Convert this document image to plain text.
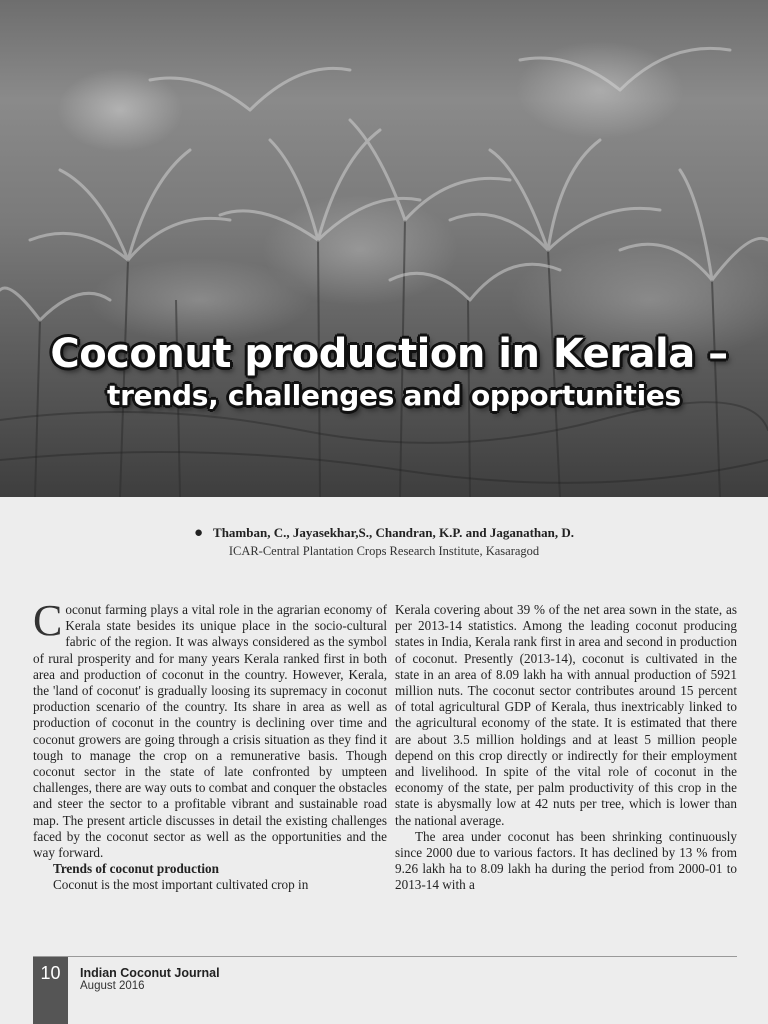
Coconut production in Kerala –
trends, challenges and opportunities
● Thamban, C., Jayasekhar,S., Chandran, K.P. and Jaganathan, D.
ICAR-Central Plantation Crops Research Institute, Kasaragod

Coconut farming plays a vital role in the agrarian economy of Kerala state besides its unique place in the socio-cultural fabric of the region. It was always considered as the symbol of rural prosperity and for many years Kerala ranked first in both area and production of coconut in the country. However, Kerala, the 'land of coconut' is gradually loosing its supremacy in coconut production scenario of the country. Its share in area as well as production of coconut in the country is declining over time and coconut growers are going through a crisis situation as they find it tough to manage the crop on a remunerative basis. Though coconut sector in the state of late confronted by umpteen challenges, there are way outs to combat and conquer the obstacles and steer the sector to a profitable vibrant and sustainable road map. The present article discusses in detail the existing challenges faced by the coconut sector as well as the opportunities and the way forward.

Trends of coconut production

Coconut is the most important cultivated crop in

Kerala covering about 39 % of the net area sown in the state, as per 2013-14 statistics. Among the leading coconut producing states in India, Kerala rank first in area and second in production of coconut. Presently (2013-14), coconut is cultivated in the state in an area of 8.09 lakh ha with annual production of 5921 million nuts. The coconut sector contributes around 15 percent of total agricultural GDP of Kerala, thus inextricably linked to the agricultural economy of the state. It is estimated that there are about 3.5 million holdings and at least 5 million people depend on this crop directly or indirectly for their employment and livelihood. In spite of the vital role of coconut in the economy of the state, per palm productivity of this crop in the state is abysmally low at 42 nuts per tree, which is lower than the national average.

The area under coconut has been shrinking continuously since 2000 due to various factors. It has declined by 13 % from 9.26 lakh ha to 8.09 lakh ha during the period from 2000-01 to 2013-14 with a

10	Indian Coconut Journal
August 2016
